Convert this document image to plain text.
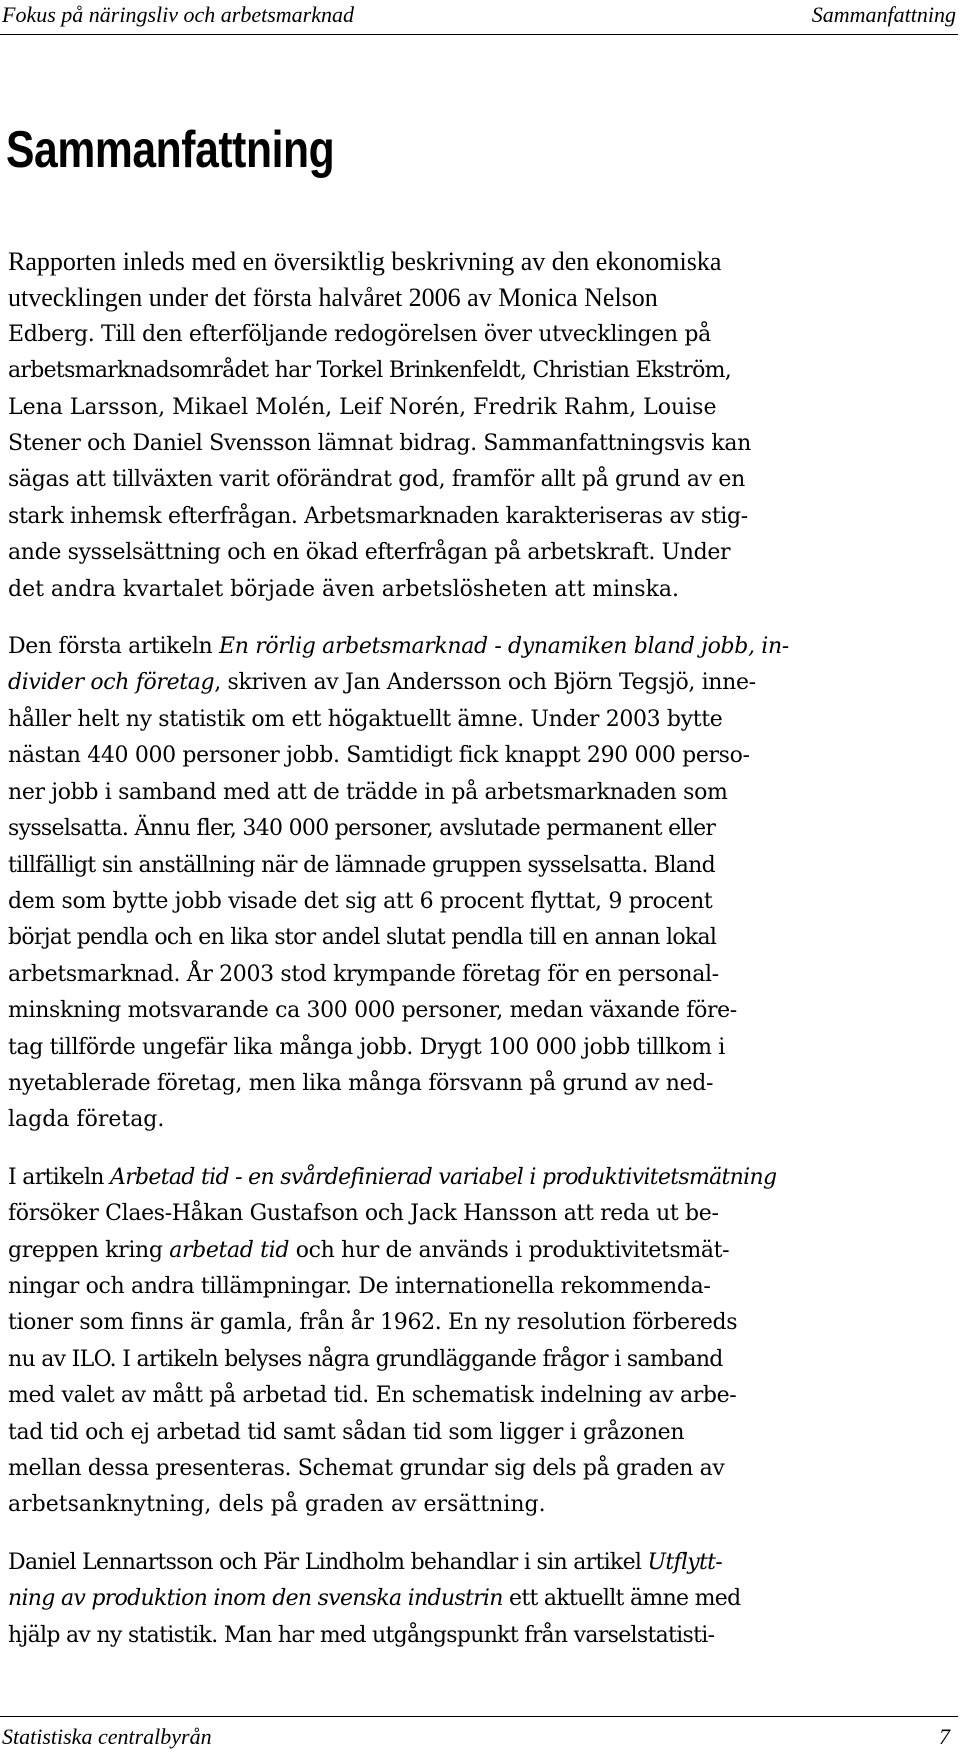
Fokus på näringsliv och arbetsmarknad	Sammanfattning
Sammanfattning

Rapporten inleds med en översiktlig beskrivning av den ekonomiska
utvecklingen under det första halvåret 2006 av Monica Nelson
Edberg. Till den efterföljande redogörelsen över utvecklingen på
arbetsmarknadsområdet har Torkel Brinkenfeldt, Christian Ekström,
Lena Larsson, Mikael Molén, Leif Norén, Fredrik Rahm, Louise
Stener och Daniel Svensson lämnat bidrag. Sammanfattningsvis kan
sägas att tillväxten varit oförändrat god, framför allt på grund av en
stark inhemsk efterfrågan. Arbetsmarknaden karakteriseras av stig-
ande sysselsättning och en ökad efterfrågan på arbetskraft. Under
det andra kvartalet började även arbetslösheten att minska.

Den första artikeln En rörlig arbetsmarknad - dynamiken bland jobb, in-
divider och företag, skriven av Jan Andersson och Björn Tegsjö, inne-
håller helt ny statistik om ett högaktuellt ämne. Under 2003 bytte
nästan 440 000 personer jobb. Samtidigt fick knappt 290 000 perso-
ner jobb i samband med att de trädde in på arbetsmarknaden som
sysselsatta. Ännu fler, 340 000 personer, avslutade permanent eller
tillfälligt sin anställning när de lämnade gruppen sysselsatta. Bland
dem som bytte jobb visade det sig att 6 procent flyttat, 9 procent
börjat pendla och en lika stor andel slutat pendla till en annan lokal
arbetsmarknad. År 2003 stod krympande företag för en personal-
minskning motsvarande ca 300 000 personer, medan växande före-
tag tillförde ungefär lika många jobb. Drygt 100 000 jobb tillkom i
nyetablerade företag, men lika många försvann på grund av ned-
lagda företag.

I artikeln Arbetad tid - en svårdefinierad variabel i produktivitetsmätning
försöker Claes-Håkan Gustafson och Jack Hansson att reda ut be-
greppen kring arbetad tid och hur de används i produktivitetsmät-
ningar och andra tillämpningar. De internationella rekommenda-
tioner som finns är gamla, från år 1962. En ny resolution förbereds
nu av ILO. I artikeln belyses några grundläggande frågor i samband
med valet av mått på arbetad tid. En schematisk indelning av arbe-
tad tid och ej arbetad tid samt sådan tid som ligger i gråzonen
mellan dessa presenteras. Schemat grundar sig dels på graden av
arbetsanknytning, dels på graden av ersättning.

Daniel Lennartsson och Pär Lindholm behandlar i sin artikel Utflytt-
ning av produktion inom den svenska industrin ett aktuellt ämne med
hjälp av ny statistik. Man har med utgångspunkt från varselstatisti-

Statistiska centralbyrån	7
